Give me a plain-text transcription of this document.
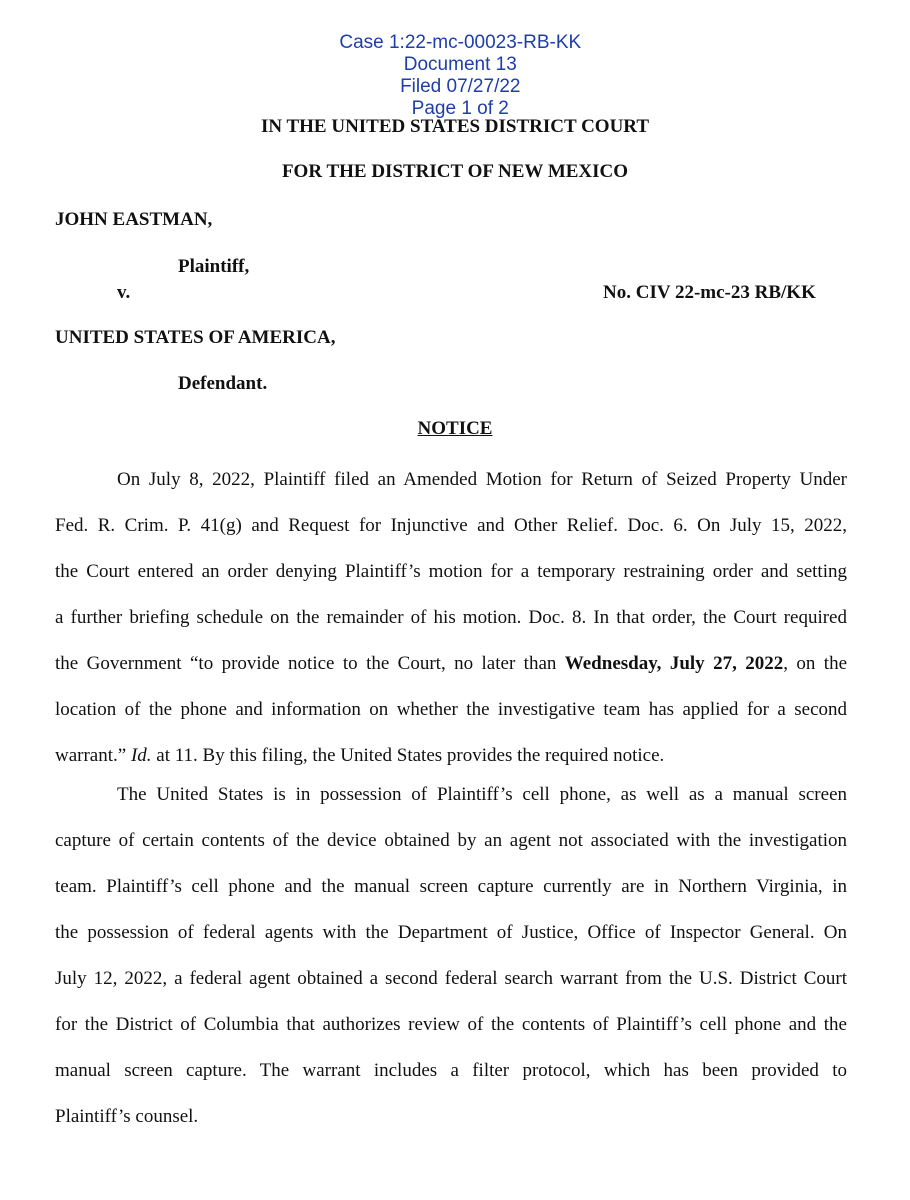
Case 1:22-mc-00023-RB-KK
Document 13
Filed 07/27/22
Page 1 of 2

IN THE UNITED STATES DISTRICT COURT
FOR THE DISTRICT OF NEW MEXICO
JOHN EASTMAN,
Plaintiff,
v.	No. CIV 22-mc-23 RB/KK
UNITED STATES OF AMERICA,
Defendant.
NOTICE
On July 8, 2022, Plaintiff filed an Amended Motion for Return of Seized Property Under
Fed. R. Crim. P. 41(g) and Request for Injunctive and Other Relief. Doc. 6. On July 15, 2022,
the Court entered an order denying Plaintiff’s motion for a temporary restraining order and setting
a further briefing schedule on the remainder of his motion. Doc. 8. In that order, the Court required
the Government “to provide notice to the Court, no later than Wednesday, July 27, 2022, on the
location of the phone and information on whether the investigative team has applied for a second
warrant.” Id. at 11. By this filing, the United States provides the required notice.
The United States is in possession of Plaintiff’s cell phone, as well as a manual screen
capture of certain contents of the device obtained by an agent not associated with the investigation
team. Plaintiff’s cell phone and the manual screen capture currently are in Northern Virginia, in
the possession of federal agents with the Department of Justice, Office of Inspector General. On
July 12, 2022, a federal agent obtained a second federal search warrant from the U.S. District Court
for the District of Columbia that authorizes review of the contents of Plaintiff’s cell phone and the
manual screen capture. The warrant includes a filter protocol, which has been provided to
Plaintiff’s counsel.
